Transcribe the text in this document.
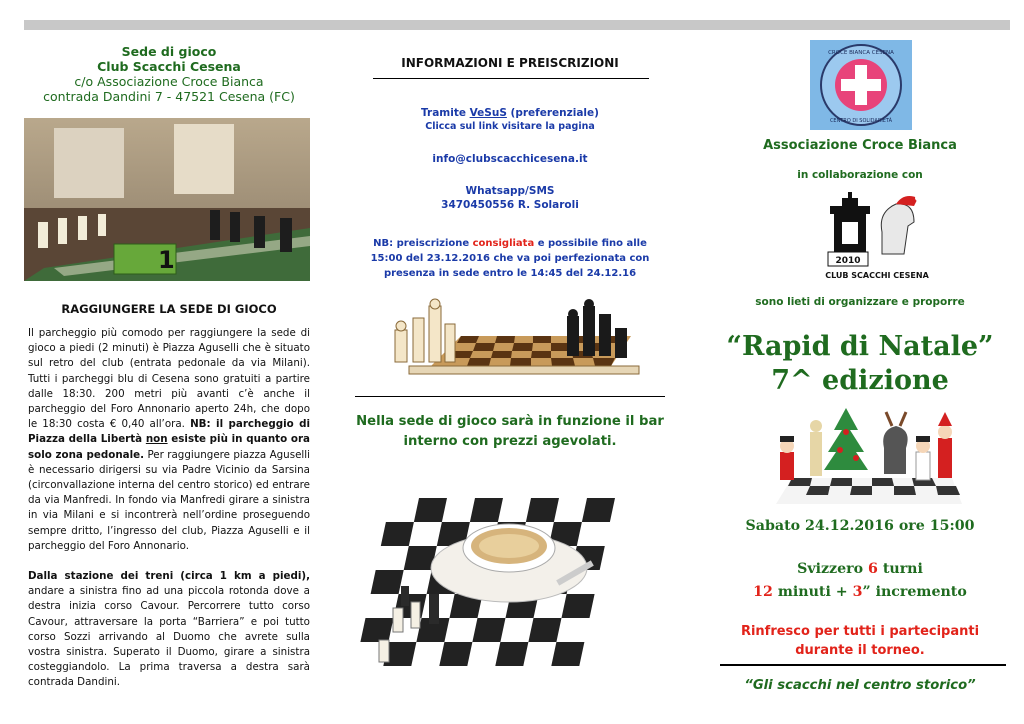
Sede di gioco
Club Scacchi Cesena
c/o Associazione Croce Bianca
contrada Dandini 7 - 47521 Cesena (FC)
1
RAGGIUNGERE LA SEDE DI GIOCO

Il parcheggio più comodo per raggiungere la sede di gioco a piedi (2 minuti) è Piazza Aguselli che è situato sul retro del club (entrata pedonale da via Milani). Tutti i parcheggi blu di Cesena sono gratuiti a partire dalle 18:30. 200 metri più avanti c’è anche il parcheggio del Foro Annonario aperto 24h, che dopo le 18:30 costa € 0,40 all’ora. NB: il parcheggio di Piazza della Libertà non esiste più in quanto ora solo zona pedonale. Per raggiungere piazza Aguselli è necessario dirigersi su via Padre Vicinio da Sarsina (circonvallazione interna del centro storico) ed entrare da via Manfredi. In fondo via Manfredi girare a sinistra in via Milani e si incontrerà nell’ordine proseguendo sempre dritto, l’ingresso del club, Piazza Aguselli e il parcheggio del Foro Annonario.

Dalla stazione dei treni (circa 1 km a piedi), andare a sinistra fino ad una piccola rotonda dove a destra inizia corso Cavour. Percorrere tutto corso Cavour, attraversare la porta “Barriera” e poi tutto corso Sozzi arrivando al Duomo che avrete sulla vostra sinistra. Superato il Duomo, girare a sinistra costeggiandolo. La prima traversa a destra sarà contrada Dandini.

INFORMAZIONI E PREISCRIZIONI
Tramite VeSuS (preferenziale)
Clicca sul link visitare la pagina
info@clubscacchicesena.it
Whatsapp/SMS
3470450556 R. Solaroli
NB: preiscrizione consigliata e possibile fino alle 15:00 del 23.12.2016 che va poi perfezionata con presenza in sede entro le 14:45 del 24.12.16
Nella sede di gioco sarà in funzione il bar interno con prezzi agevolati.
CROCE BIANCA CESENA
CENTRO DI SOLIDARIETÀ
Associazione Croce Bianca
in collaborazione con
2010
CLUB SCACCHI CESENA
sono lieti di organizzare e proporre
“Rapid di Natale”
7^ edizione
Sabato 24.12.2016 ore 15:00
Svizzero 6 turni
12 minuti + 3” incremento
Rinfresco per tutti i partecipanti durante il torneo.
“Gli scacchi nel centro storico”
